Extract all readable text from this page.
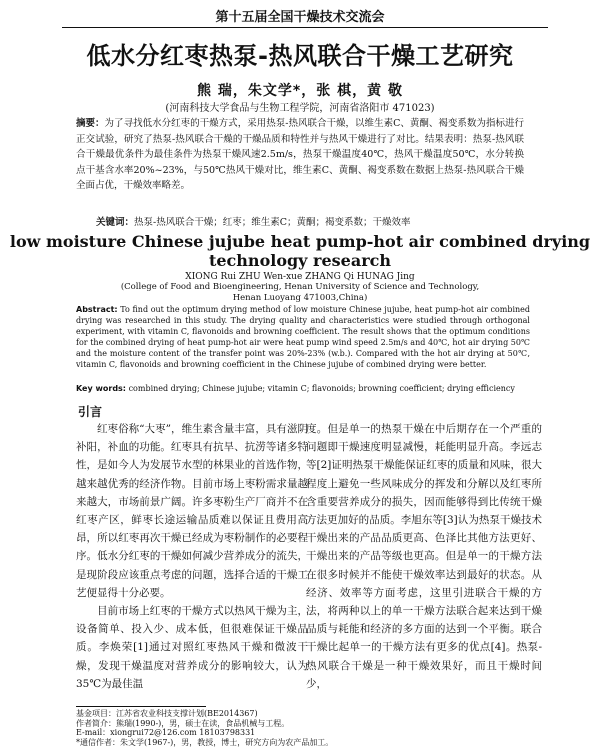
第十五届全国干燥技术交流会
低水分红枣热泵-热风联合干燥工艺研究
熊 瑞，朱文学*，张 棋，黄 敬
(河南科技大学食品与生物工程学院，河南省洛阳市 471023)
摘要：为了寻找低水分红枣的干燥方式，采用热泵-热风联合干燥，以维生素C、黄酮、褐变系数为指标进行正交试验，研究了热泵-热风联合干燥的干燥品质和特性并与热风干燥进行了对比。结果表明：热泵-热风联合干燥最优条件为最佳条件为热泵干燥风速2.5m/s，热泵干燥温度40℃，热风干燥温度50℃，水分转换点干基含水率20%~23%，与50℃热风干燥对比，维生素C、黄酮、褐变系数在数据上热泵-热风联合干燥全面占优，干燥效率略差。
关键词：热泵-热风联合干燥；红枣；维生素C；黄酮；褐变系数；干燥效率
low moisture Chinese jujube heat pump-hot air combined drying technology research
XIONG Rui ZHU Wen-xue ZHANG Qi HUNAG Jing
(College of Food and Bioengineering, Henan University of Science and Technology,
Henan Luoyang 471003,China)
Abstract: To find out the optimum drying method of low moisture Chinese jujube, heat pump-hot air combined drying was researched in this study. The drying quality and characteristics were studied through orthogonal experiment, with vitamin C, flavonoids and browning coefficient. The result shows that the optimum conditions for the combined drying of heat pump-hot air were heat pump wind speed 2.5m/s and 40℃, hot air drying 50℃ and the moisture content of the transfer point was 20%-23% (w.b.). Compared with the hot air drying at 50℃, vitamin C, flavonoids and browning coefficient in the Chinese jujube of combined drying were better.
Key words: combined drying; Chinese jujube; vitamin C; flavonoids; browning coefficient; drying efficiency
引言

红枣俗称“大枣”，维生素含量丰富，具有滋阴补阳，补血的功能。红枣具有抗旱、抗涝等诸多特性，是如今人为发展节水型的林果业的首选作物，越来越优秀的经济作物。目前市场上枣粉需求量越来越大，市场前景广阔。许多枣粉生产厂商并不在红枣产区，鲜枣长途运输品质难以保证且费用高昂，所以红枣再次干燥已经成为枣粉制作的必要程序。低水分红枣的干燥如何减少营养成分的流失，是现阶段应该重点考虑的问题，选择合适的干燥工艺便显得十分必要。

目前市场上红枣的干燥方式以热风干燥为主，设备简单、投入少、成本低，但很难保证干燥品质。李焕荣[1]通过对照红枣热风干燥和微波干燥，发现干燥温度对营养成分的影响较大，认为35℃为最佳温

度。但是单一的热泵干燥在中后期存在一个严重的问题即干燥速度明显减慢，耗能明显升高。李远志等[2]证明热泵干燥能保证红枣的质量和风味，很大程度上避免一些风味成分的挥发和分解以及红枣所含重要营养成分的损失，因而能够得到比传统干燥方法更加好的品质。李旭东等[3]认为热泵干燥技术干燥出来的产品品质更高、色泽比其他方法更好、干燥出来的产品等级也更高。但是单一的干燥方法在很多时候并不能使干燥效率达到最好的状态。从经济、效率等方面考虑，这里引进联合干燥的方法，将两种以上的单一干燥方法联合起来达到干燥品质与耗能和经济的多方面的达到一个平衡。联合干燥比起单一的干燥方法有更多的优点[4]。热泵-热风联合干燥是一种干燥效果好，而且干燥时间少，

基金项目：江苏省农业科技支撑计划(BE2014367)
作者简介：熊瑞(1990-)，男，硕士在读，食品机械与工程。
E-mail：xiongrui72@126.com 18103798331
*通信作者：朱文学(1967-)，男，教授，博士，研究方向为农产品加工。
